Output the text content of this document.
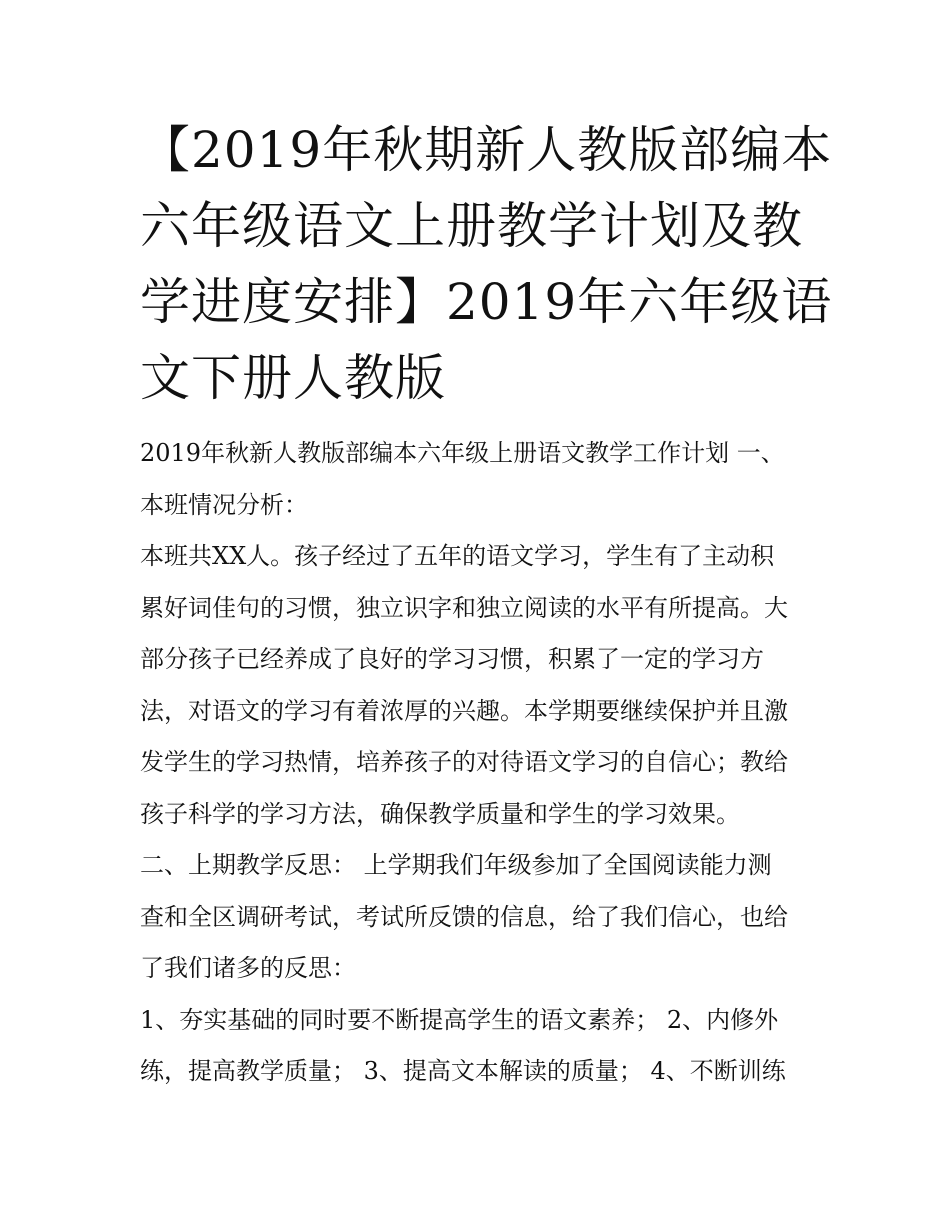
【2019年秋期新人教版部编本
六年级语文上册教学计划及教
学进度安排】2019年六年级语
文下册人教版
2019年秋新人教版部编本六年级上册语文教学工作计划 一、
本班情况分析：
本班共XX人。孩子经过了五年的语文学习，学生有了主动积
累好词佳句的习惯，独立识字和独立阅读的水平有所提高。大
部分孩子已经养成了良好的学习习惯，积累了一定的学习方
法，对语文的学习有着浓厚的兴趣。本学期要继续保护并且激
发学生的学习热情，培养孩子的对待语文学习的自信心；教给
孩子科学的学习方法，确保教学质量和学生的学习效果。
二、上期教学反思： 上学期我们年级参加了全国阅读能力测
查和全区调研考试，考试所反馈的信息，给了我们信心，也给
了我们诸多的反思：
1、夯实基础的同时要不断提高学生的语文素养； 2、内修外
练，提高教学质量； 3、提高文本解读的质量； 4、不断训练
